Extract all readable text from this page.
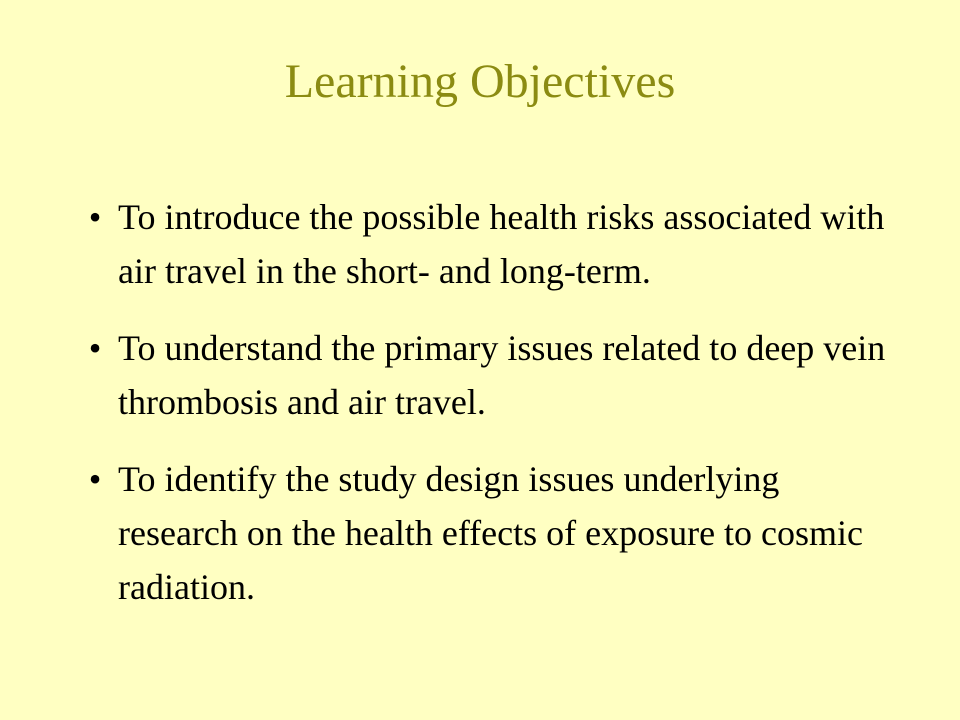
Learning Objectives
• To introduce the possible health risks associated with air travel in the short- and long-term.
• To understand the primary issues related to deep vein thrombosis and air travel.
• To identify the study design issues underlying research on the health effects of exposure to cosmic radiation.
